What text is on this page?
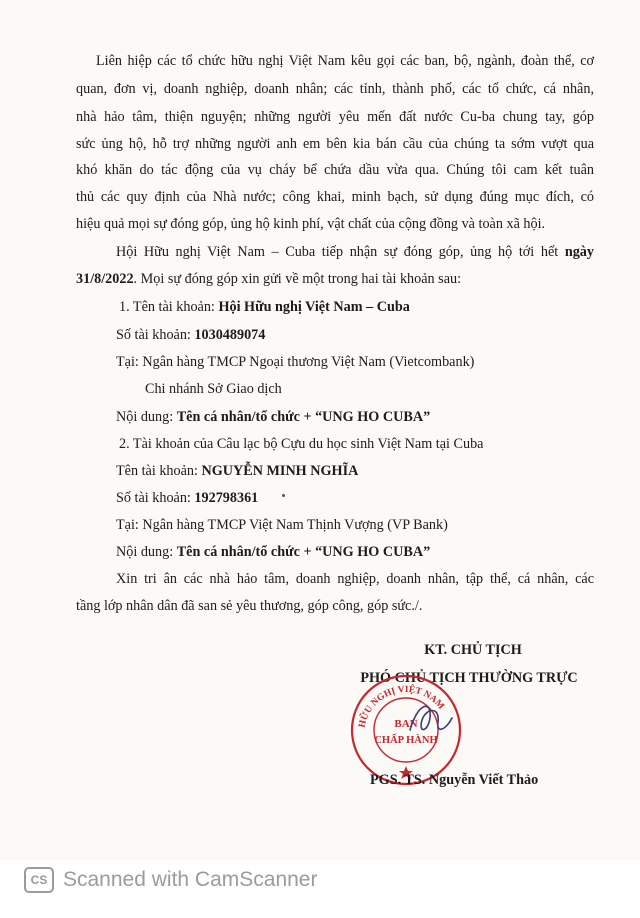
Liên hiệp các tổ chức hữu nghị Việt Nam kêu gọi các ban, bộ, ngành, đoàn thể, cơ
quan, đơn vị, doanh nghiệp, doanh nhân; các tỉnh, thành phố, các tổ chức, cá nhân,
nhà hảo tâm, thiện nguyện; những người yêu mến đất nước Cu-ba chung tay, góp
sức ủng hộ, hỗ trợ những người anh em bên kia bán cầu của chúng ta sớm vượt qua
khó khăn do tác động của vụ cháy bể chứa dầu vừa qua. Chúng tôi cam kết tuân
thủ các quy định của Nhà nước; công khai, minh bạch, sử dụng đúng mục đích, có
hiệu quả mọi sự đóng góp, ủng hộ kinh phí, vật chất của cộng đồng và toàn xã hội.
Hội Hữu nghị Việt Nam – Cuba tiếp nhận sự đóng góp, ủng hộ tới hết ngày
31/8/2022. Mọi sự đóng góp xin gửi về một trong hai tài khoản sau:
1. Tên tài khoản: Hội Hữu nghị Việt Nam – Cuba
Số tài khoản: 1030489074
Tại: Ngân hàng TMCP Ngoại thương Việt Nam (Vietcombank)
Chi nhánh Sở Giao dịch
Nội dung: Tên cá nhân/tổ chức + “UNG HO CUBA”
2. Tài khoản của Câu lạc bộ Cựu du học sinh Việt Nam tại Cuba
Tên tài khoản: NGUYỄN MINH NGHĨA
Số tài khoản: 192798361
Tại: Ngân hàng TMCP Việt Nam Thịnh Vượng (VP Bank)
Nội dung: Tên cá nhân/tổ chức + “UNG HO CUBA”
Xin tri ân các nhà hảo tâm, doanh nghiệp, doanh nhân, tập thể, cá nhân, các
tầng lớp nhân dân đã san sẻ yêu thương, góp công, góp sức./.
KT. CHỦ TỊCH
PHÓ CHỦ TỊCH THƯỜNG TRỰC
HỮU NGHỊ VIỆT NAM
BAN
CHẤP HÀNH
PGS. TS. Nguyễn Viết Thảo
CS Scanned with CamScanner
